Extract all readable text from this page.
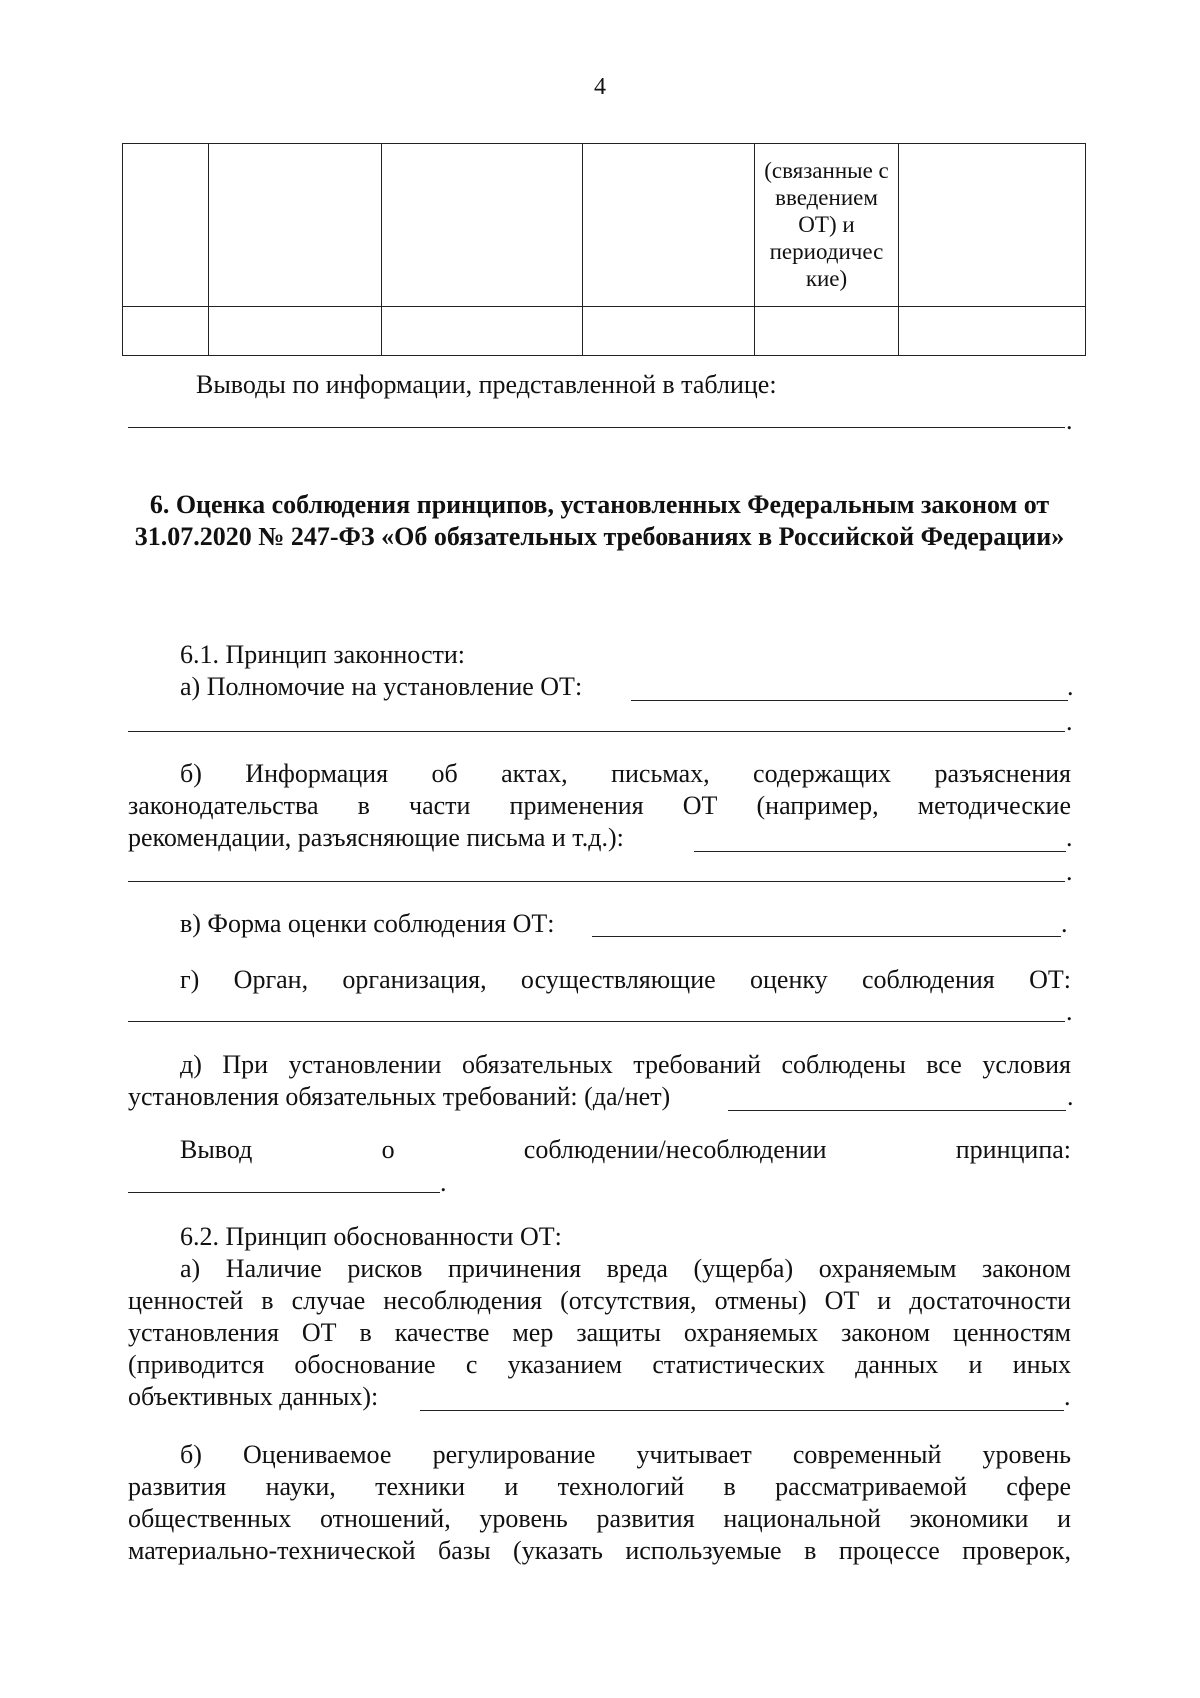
4
				(связанные с введением ОТ) и периодичес кие)	

Выводы по информации, представленной в таблице:
.
6. Оценка соблюдения принципов, установленных Федеральным законом от 31.07.2020 № 247-ФЗ «Об обязательных требованиях в Российской Федерации»
6.1. Принцип законности:
а) Полномочие на установление ОТ:	.
.
б) Информация об актах, письмах, содержащих разъяснения
законодательства в части применения ОТ (например, методические
рекомендации, разъясняющие письма и т.д.):	.
.
в) Форма оценки соблюдения ОТ:	.
г) Орган, организация, осуществляющие оценку соблюдения ОТ:
.
д) При установлении обязательных требований соблюдены все условия
установления обязательных требований: (да/нет)	.
Вывод о соблюдении/несоблюдении принципа:
.
6.2. Принцип обоснованности ОТ:
а) Наличие рисков причинения вреда (ущерба) охраняемым законом
ценностей в случае несоблюдения (отсутствия, отмены) ОТ и достаточности
установления ОТ в качестве мер защиты охраняемых законом ценностям
(приводится обоснование с указанием статистических данных и иных
объективных данных):	.
б) Оцениваемое регулирование учитывает современный уровень
развития науки, техники и технологий в рассматриваемой сфере
общественных отношений, уровень развития национальной экономики и
материально-технической базы (указать используемые в процессе проверок,
